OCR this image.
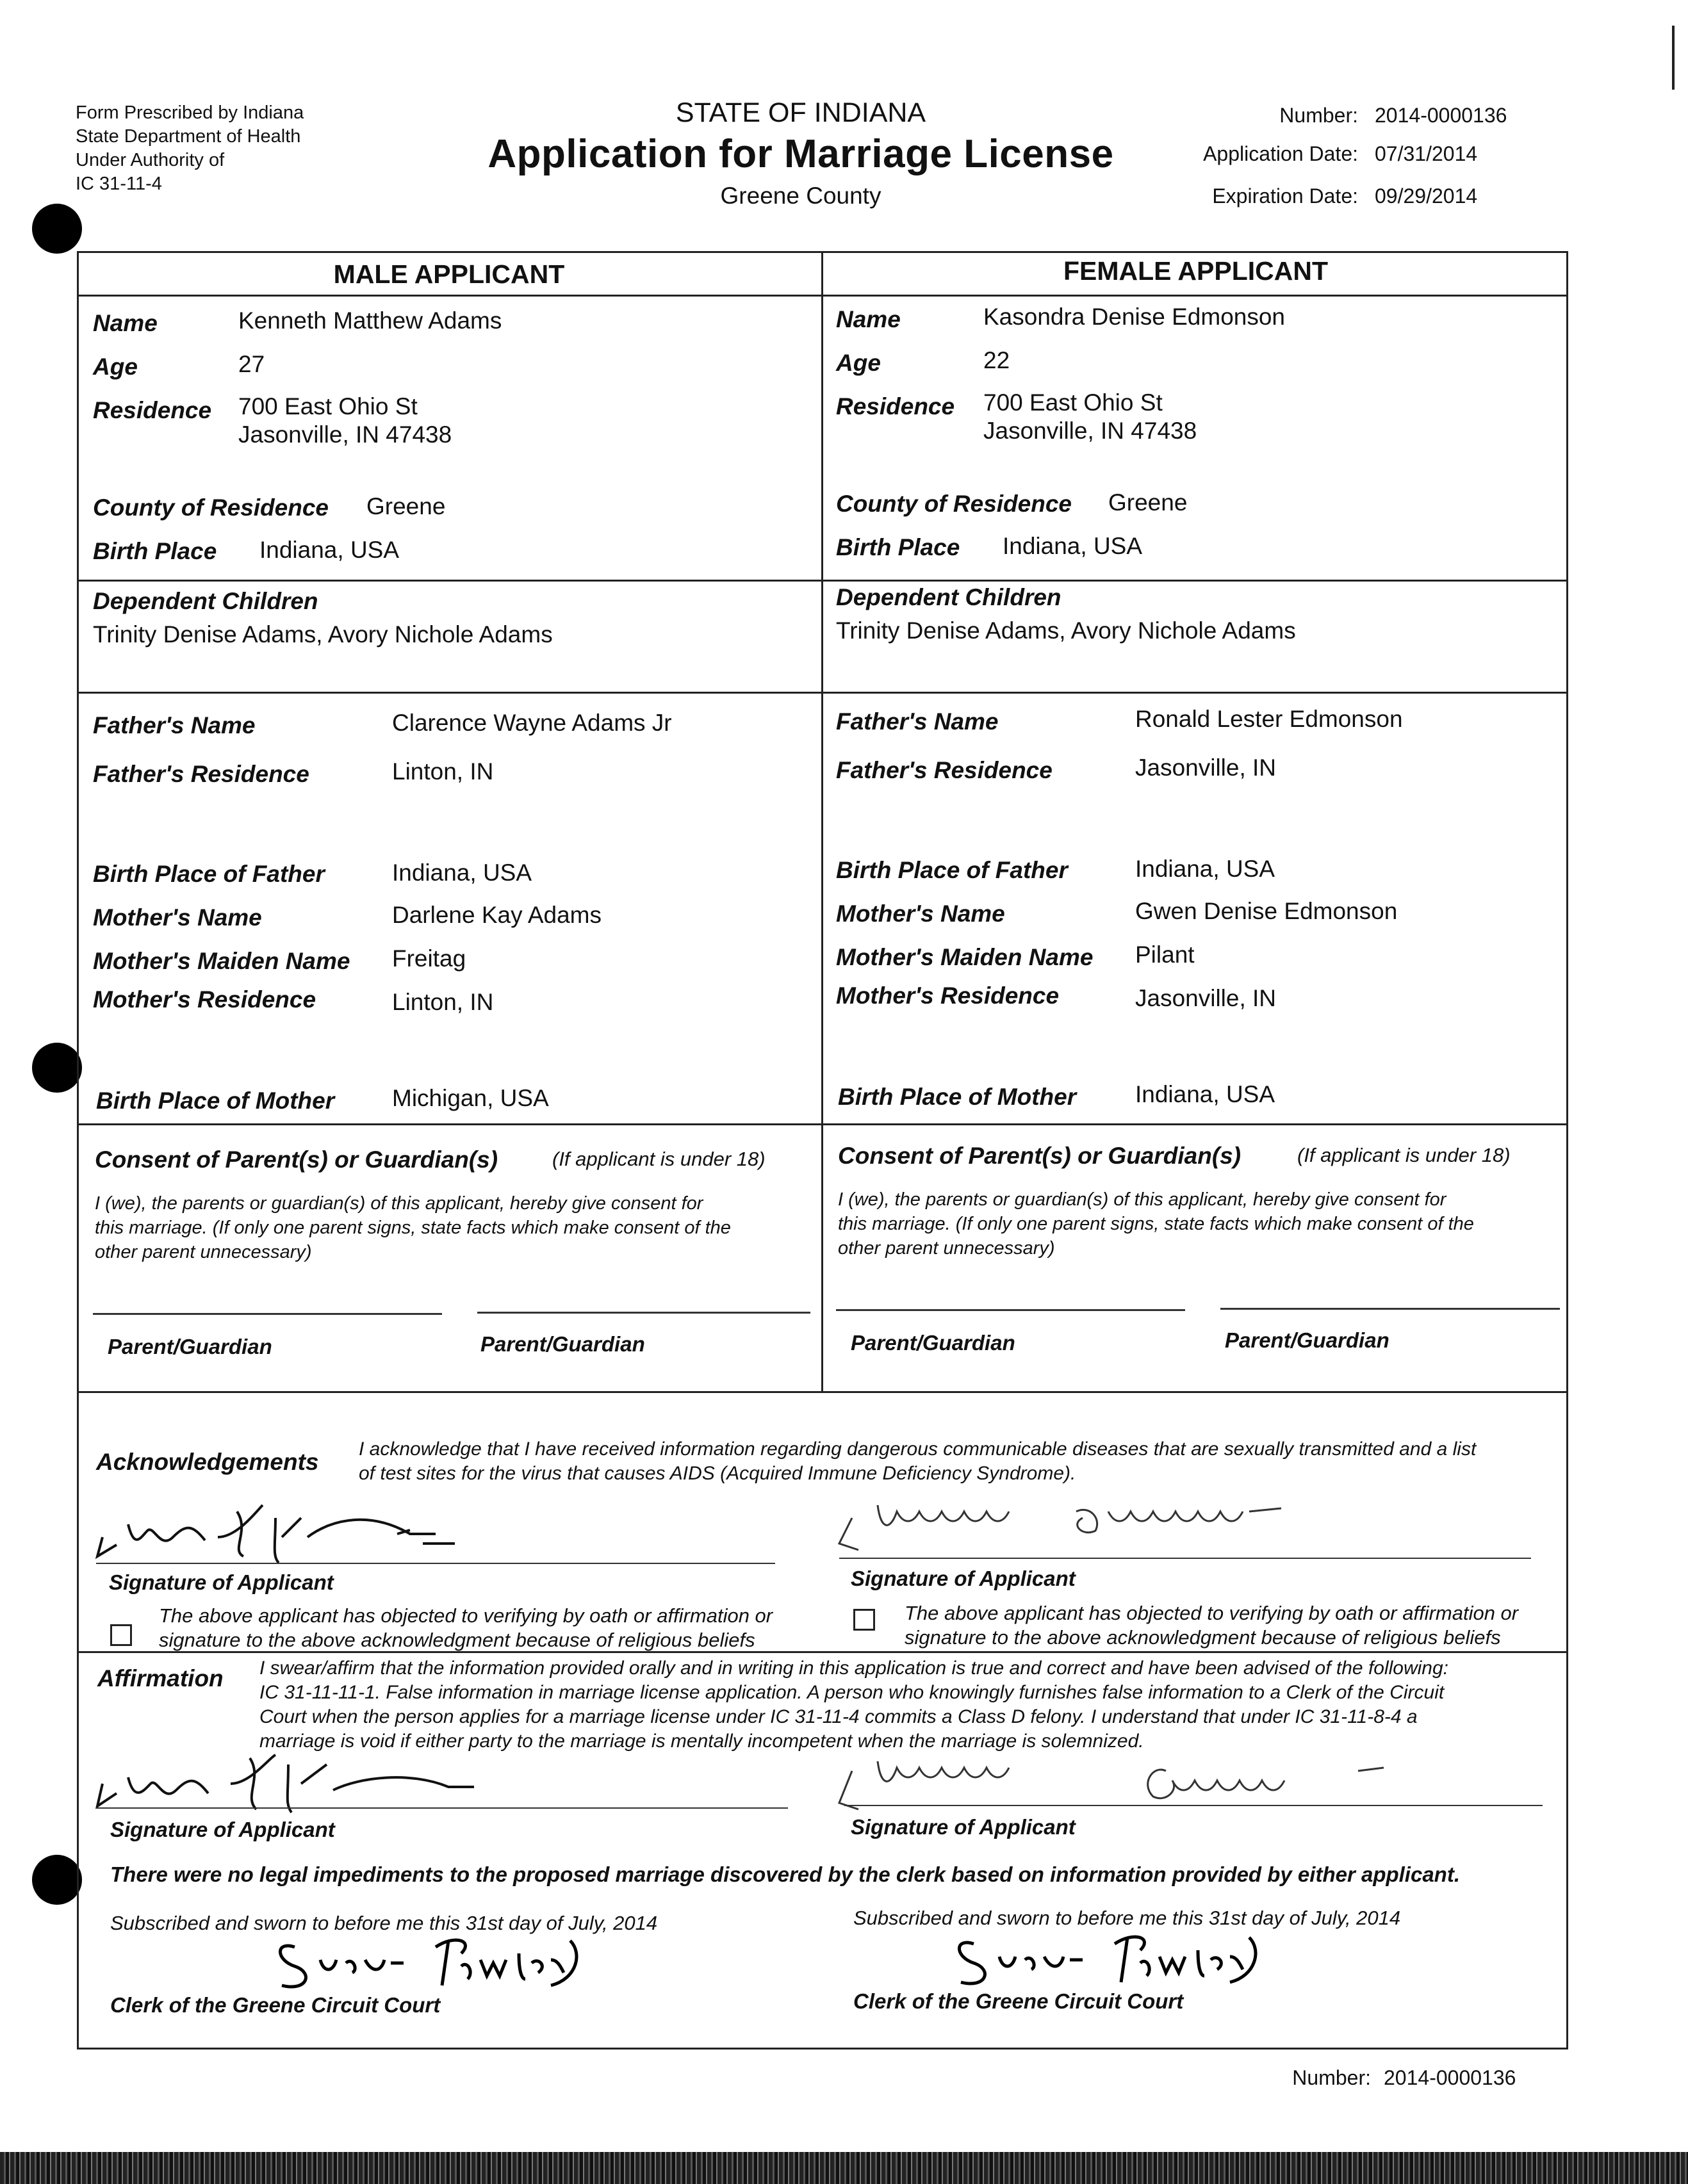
Form Prescribed by Indiana
State Department of Health
Under Authority of
IC 31-11-4
STATE OF INDIANA
Application for Marriage License
Greene County
Number: 2014-0000136
Application Date: 07/31/2014
Expiration Date: 09/29/2014
MALE APPLICANT	FEMALE APPLICANT
Name	Kenneth Matthew Adams
Age	27
Residence 700 East Ohio St
Jasonville, IN 47438
County of Residence Greene
Birth Place Indiana, USA
Dependent Children
Trinity Denise Adams, Avory Nichole Adams
Father's Name	Clarence Wayne Adams Jr
Father's Residence	Linton, IN
Birth Place of Father	Indiana, USA
Mother's Name	Darlene Kay Adams
Mother's Maiden Name Freitag
Mother's Residence	Linton, IN
Birth Place of Mother Michigan, USA
Name	Kasondra Denise Edmonson
Age	22
Residence 700 East Ohio St
Jasonville, IN 47438
County of Residence Greene
Birth Place Indiana, USA
Dependent Children
Trinity Denise Adams, Avory Nichole Adams
Father's Name	Ronald Lester Edmonson
Father's Residence	Jasonville, IN
Birth Place of Father	Indiana, USA
Mother's Name	Gwen Denise Edmonson
Mother's Maiden Name Pilant
Mother's Residence	Jasonville, IN
Birth Place of Mother Indiana, USA
Consent of Parent(s) or Guardian(s)	(If applicant is under 18)
I (we), the parents or guardian(s) of this applicant, hereby give consent for
this marriage. (If only one parent signs, state facts which make consent of the
other parent unnecessary)
Parent/Guardian	Parent/Guardian
Consent of Parent(s) or Guardian(s)	(If applicant is under 18)
I (we), the parents or guardian(s) of this applicant, hereby give consent for
this marriage. (If only one parent signs, state facts which make consent of the
other parent unnecessary)
Parent/Guardian	Parent/Guardian
Acknowledgements I acknowledge that I have received information regarding dangerous communicable diseases that are sexually transmitted and a list
of test sites for the virus that causes AIDS (Acquired Immune Deficiency Syndrome).
Signature of Applicant	Signature of Applicant
The above applicant has objected to verifying by oath or affirmation or
signature to the above acknowledgment because of religious beliefs
The above applicant has objected to verifying by oath or affirmation or
signature to the above acknowledgment because of religious beliefs
Affirmation I swear/affirm that the information provided orally and in writing in this application is true and correct and have been advised of the following:
IC 31-11-11-1. False information in marriage license application. A person who knowingly furnishes false information to a Clerk of the Circuit
Court when the person applies for a marriage license under IC 31-11-4 commits a Class D felony. I understand that under IC 31-11-8-4 a
marriage is void if either party to the marriage is mentally incompetent when the marriage is solemnized.
Signature of Applicant	Signature of Applicant
There were no legal impediments to the proposed marriage discovered by the clerk based on information provided by either applicant.
Subscribed and sworn to before me this 31st day of July, 2014	Subscribed and sworn to before me this 31st day of July, 2014
Clerk of the Greene Circuit Court	Clerk of the Greene Circuit Court
Number: 2014-0000136
